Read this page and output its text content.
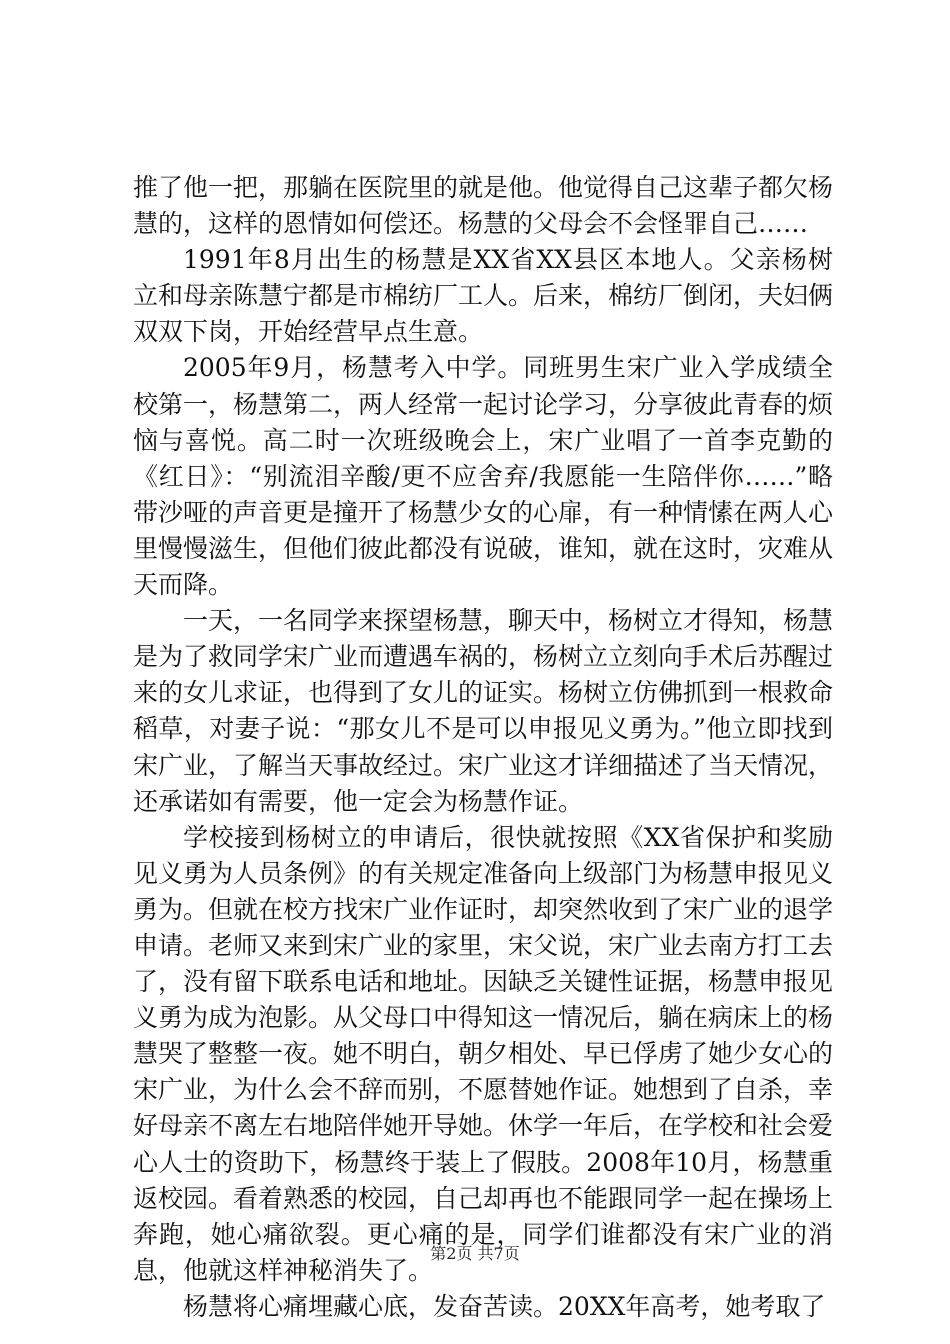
推了他一把，那躺在医院里的就是他。他觉得自己这辈子都欠杨慧的，这样的恩情如何偿还。杨慧的父母会不会怪罪自己……

1991年8月出生的杨慧是XX省XX县区本地人。父亲杨树立和母亲陈慧宁都是市棉纺厂工人。后来，棉纺厂倒闭，夫妇俩双双下岗，开始经营早点生意。

2005年9月，杨慧考入中学。同班男生宋广业入学成绩全校第一，杨慧第二，两人经常一起讨论学习，分享彼此青春的烦恼与喜悦。高二时一次班级晚会上，宋广业唱了一首李克勤的《红日》：“别流泪辛酸/更不应舍弃/我愿能一生陪伴你……”略带沙哑的声音更是撞开了杨慧少女的心扉，有一种情愫在两人心里慢慢滋生，但他们彼此都没有说破，谁知，就在这时，灾难从天而降。

一天，一名同学来探望杨慧，聊天中，杨树立才得知，杨慧是为了救同学宋广业而遭遇车祸的，杨树立立刻向手术后苏醒过来的女儿求证，也得到了女儿的证实。杨树立仿佛抓到一根救命稻草，对妻子说：“那女儿不是可以申报见义勇为。”他立即找到宋广业，了解当天事故经过。宋广业这才详细描述了当天情况，还承诺如有需要，他一定会为杨慧作证。

学校接到杨树立的申请后，很快就按照《XX省保护和奖励见义勇为人员条例》的有关规定准备向上级部门为杨慧申报见义勇为。但就在校方找宋广业作证时，却突然收到了宋广业的退学申请。老师又来到宋广业的家里，宋父说，宋广业去南方打工去了，没有留下联系电话和地址。因缺乏关键性证据，杨慧申报见义勇为成为泡影。从父母口中得知这一情况后，躺在病床上的杨慧哭了整整一夜。她不明白，朝夕相处、早已俘虏了她少女心的宋广业，为什么会不辞而别，不愿替她作证。她想到了自杀，幸好母亲不离左右地陪伴她开导她。休学一年后，在学校和社会爱心人士的资助下，杨慧终于装上了假肢。2008年10月，杨慧重返校园。看着熟悉的校园，自己却再也不能跟同学一起在操场上奔跑，她心痛欲裂。更心痛的是，同学们谁都没有宋广业的消息，他就这样神秘消失了。

杨慧将心痛埋藏心底，发奋苦读。20XX年高考，她考取了

第2页 共7页
